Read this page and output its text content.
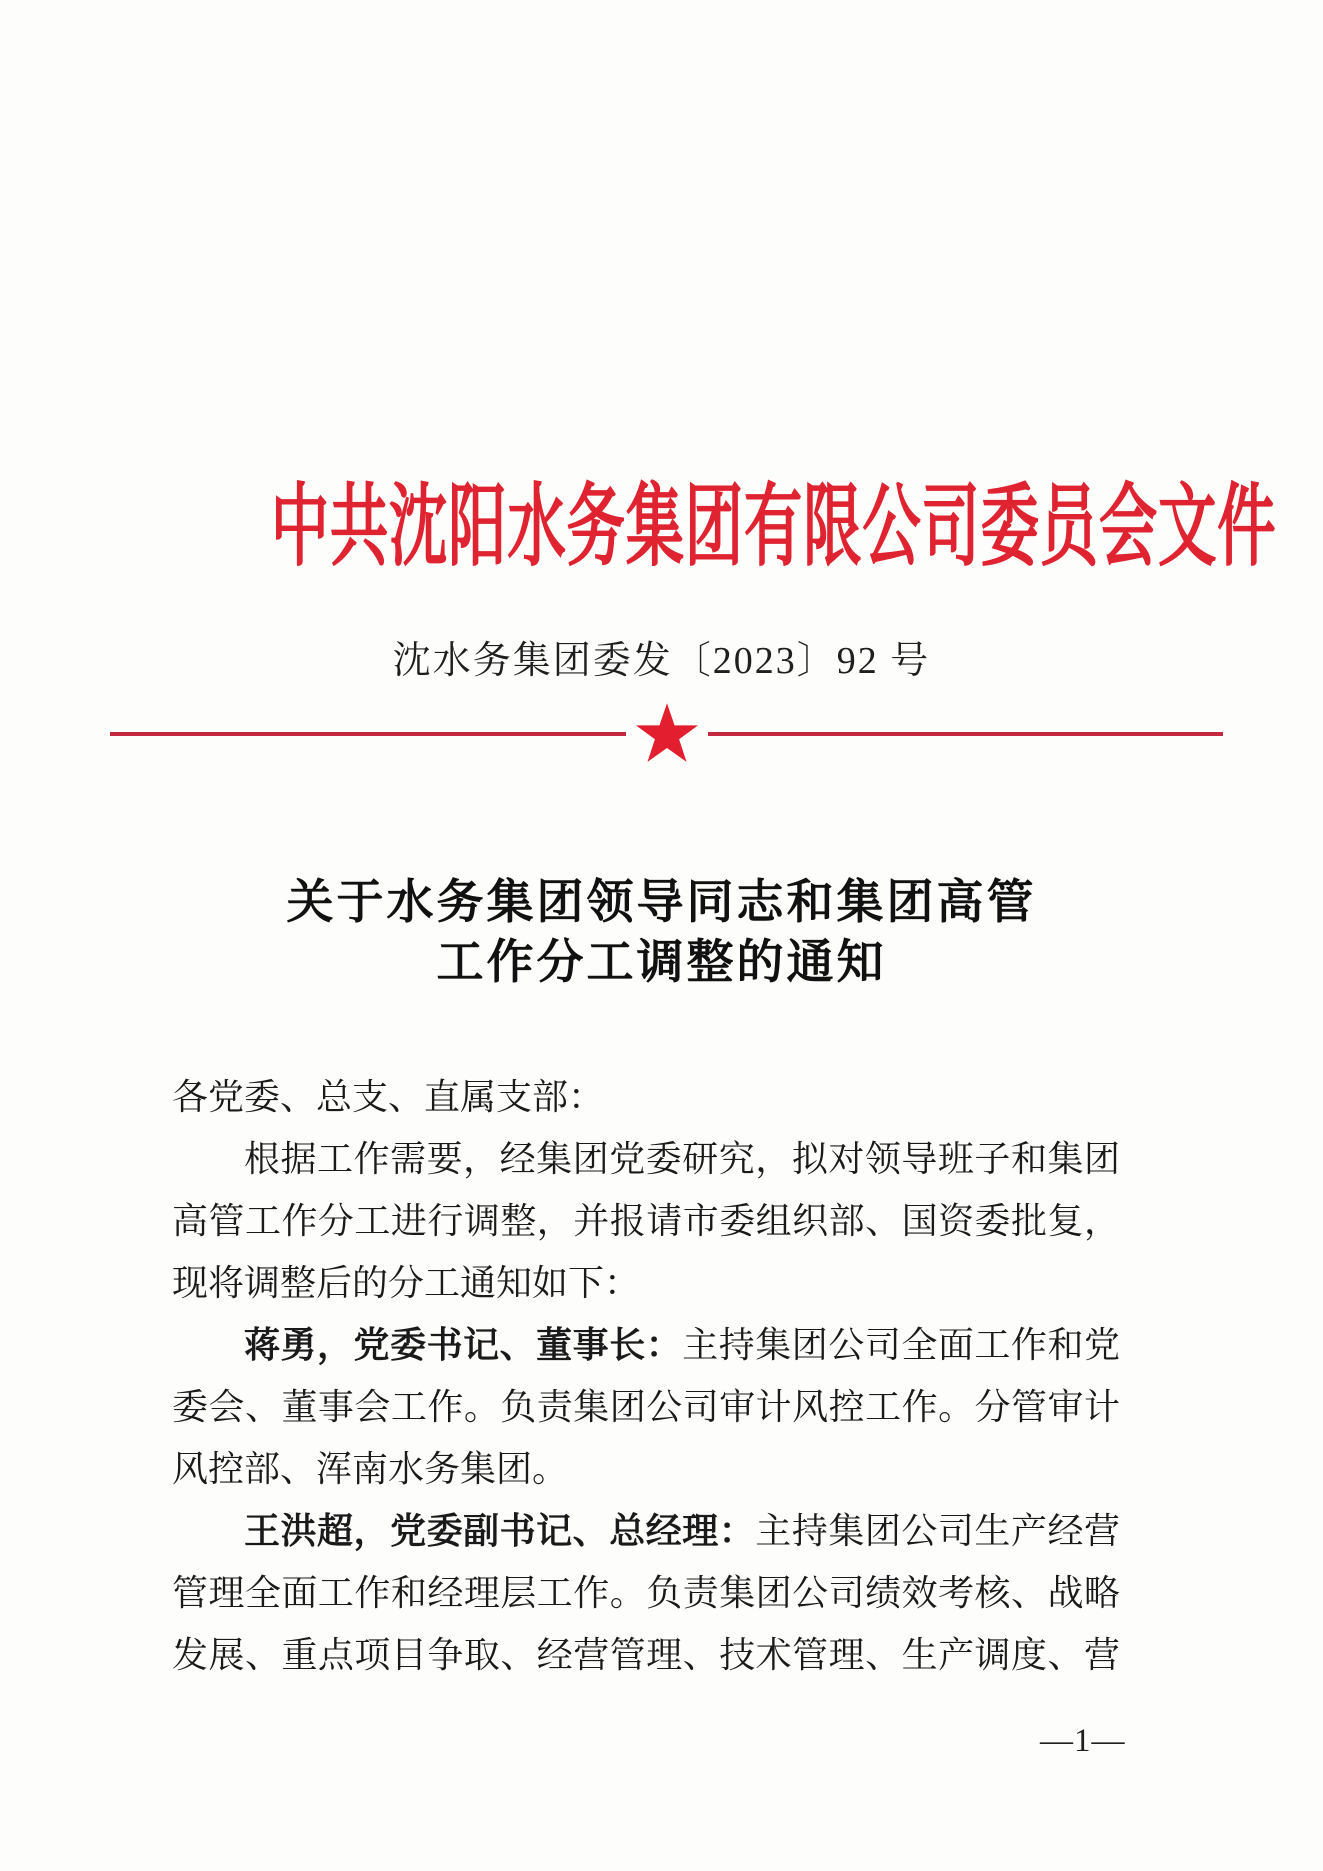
中共沈阳水务集团有限公司委员会文件
沈水务集团委发〔2023〕92 号
关于水务集团领导同志和集团高管
工作分工调整的通知
各党委、总支、直属支部：
根据工作需要，经集团党委研究，拟对领导班子和集团
高管工作分工进行调整，并报请市委组织部、国资委批复，
现将调整后的分工通知如下：
蒋勇，党委书记、董事长：主持集团公司全面工作和党
委会、董事会工作。负责集团公司审计风控工作。分管审计
风控部、浑南水务集团。
王洪超，党委副书记、总经理：主持集团公司生产经营
管理全面工作和经理层工作。负责集团公司绩效考核、战略
发展、重点项目争取、经营管理、技术管理、生产调度、营
—1—
